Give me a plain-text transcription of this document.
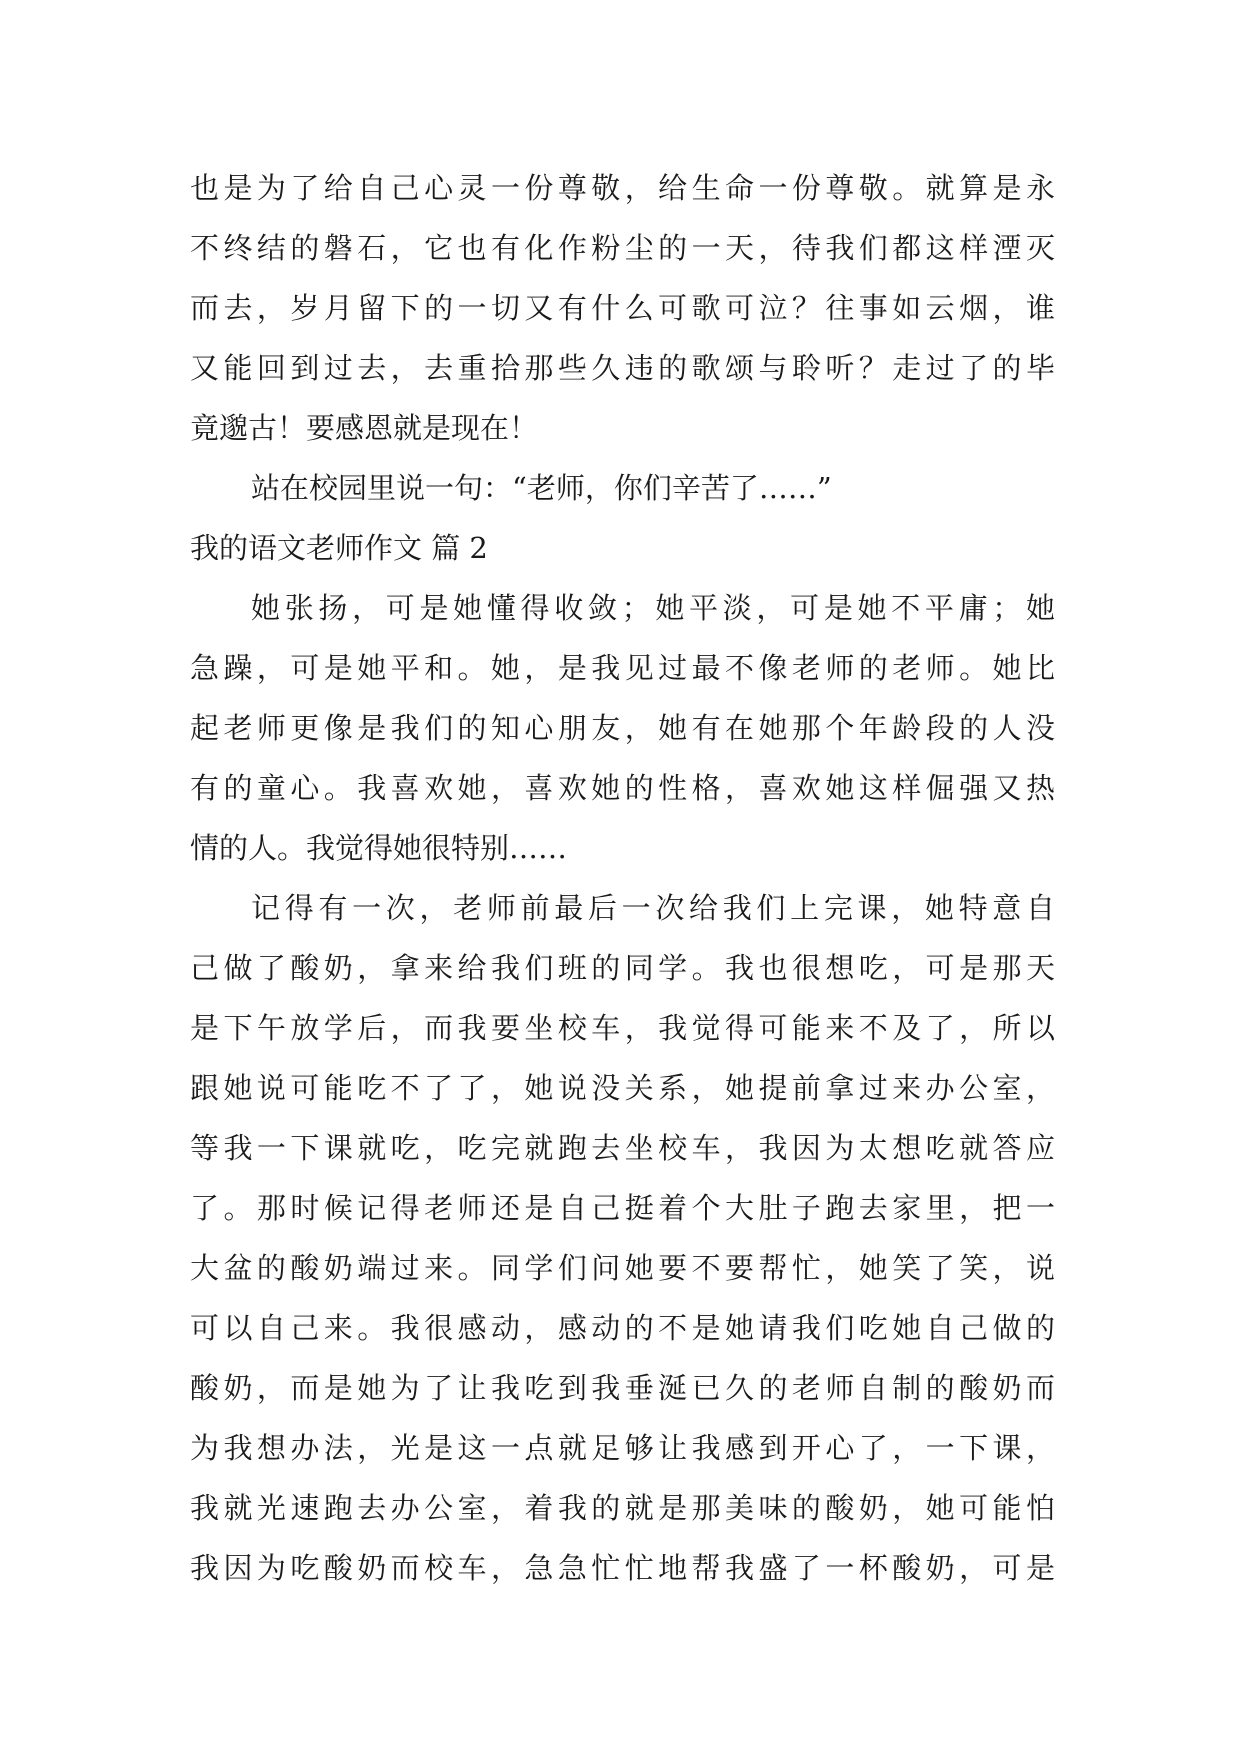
也是为了给自己心灵一份尊敬，给生命一份尊敬。就算是永
不终结的磐石，它也有化作粉尘的一天，待我们都这样湮灭
而去，岁月留下的一切又有什么可歌可泣？往事如云烟，谁
又能回到过去，去重拾那些久违的歌颂与聆听？走过了的毕
竟邈古！要感恩就是现在！
站在校园里说一句：“老师，你们辛苦了……”
我的语文老师作文 篇 2
她张扬，可是她懂得收敛；她平淡，可是她不平庸；她
急躁，可是她平和。她，是我见过最不像老师的老师。她比
起老师更像是我们的知心朋友，她有在她那个年龄段的人没
有的童心。我喜欢她，喜欢她的性格，喜欢她这样倔强又热
情的人。我觉得她很特别……
记得有一次，老师前最后一次给我们上完课，她特意自
己做了酸奶，拿来给我们班的同学。我也很想吃，可是那天
是下午放学后，而我要坐校车，我觉得可能来不及了，所以
跟她说可能吃不了了，她说没关系，她提前拿过来办公室，
等我一下课就吃，吃完就跑去坐校车，我因为太想吃就答应
了。那时候记得老师还是自己挺着个大肚子跑去家里，把一
大盆的酸奶端过来。同学们问她要不要帮忙，她笑了笑，说
可以自己来。我很感动，感动的不是她请我们吃她自己做的
酸奶，而是她为了让我吃到我垂涎已久的老师自制的酸奶而
为我想办法，光是这一点就足够让我感到开心了，一下课，
我就光速跑去办公室，着我的就是那美味的酸奶，她可能怕
我因为吃酸奶而校车，急急忙忙地帮我盛了一杯酸奶，可是
